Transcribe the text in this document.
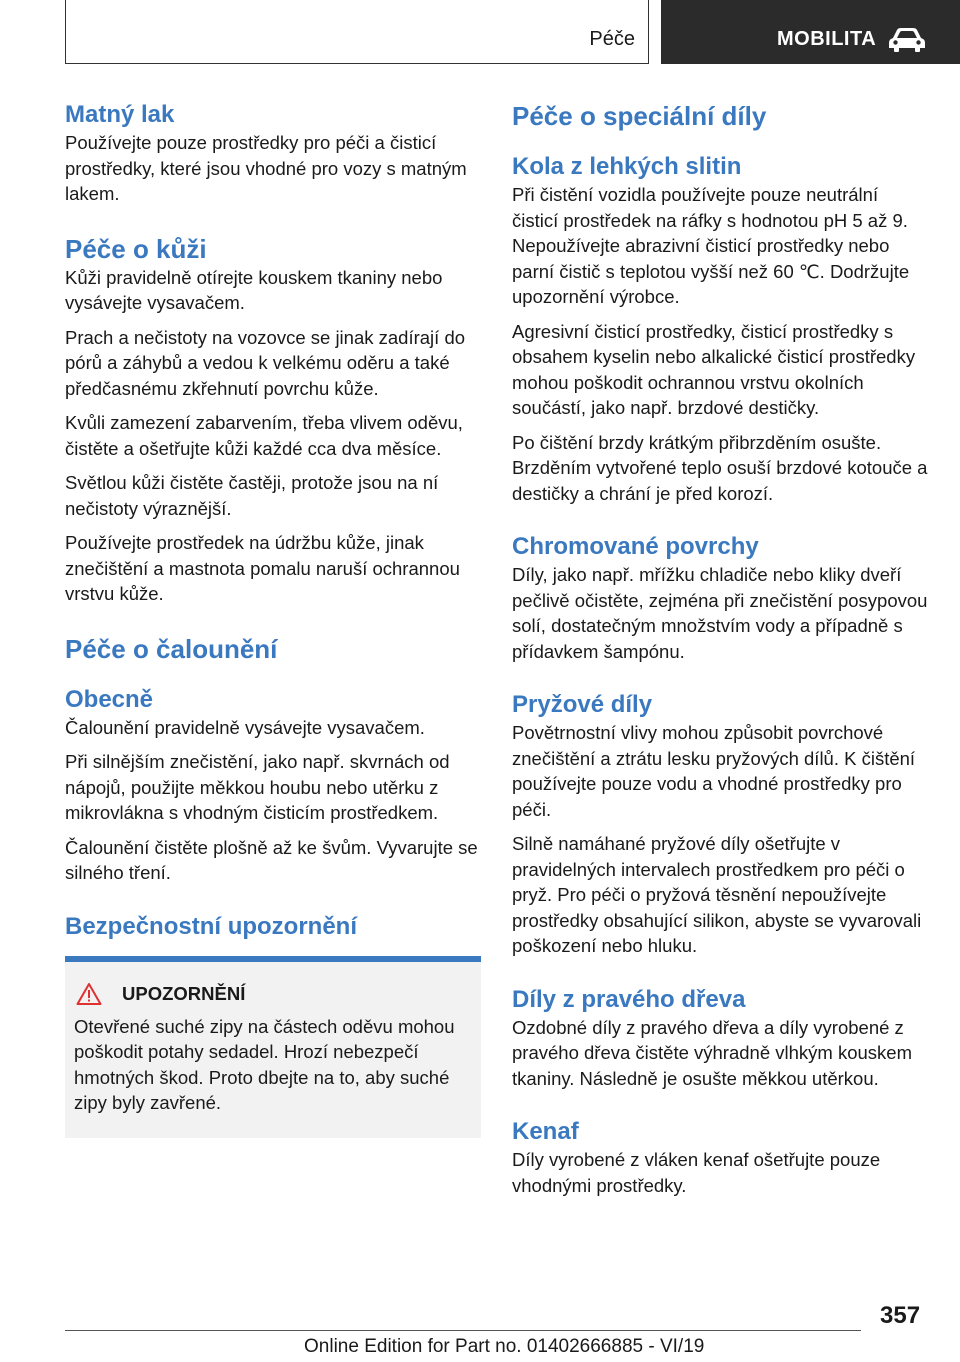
Péče	MOBILITA
Matný lak

Používejte pouze prostředky pro péči a čisticí prostředky, které jsou vhodné pro vozy s matným lakem.

Péče o kůži

Kůži pravidelně otírejte kouskem tkaniny nebo vysávejte vysavačem.

Prach a nečistoty na vozovce se jinak zadírají do pórů a záhybů a vedou k velkému oděru a také předčasnému zkřehnutí povrchu kůže.

Kvůli zamezení zabarvením, třeba vlivem oděvu, čistěte a ošetřujte kůži každé cca dva měsíce.

Světlou kůži čistěte častěji, protože jsou na ní nečistoty výraznější.

Používejte prostředek na údržbu kůže, jinak znečištění a mastnota pomalu naruší ochrannou vrstvu kůže.

Péče o čalounění
Obecně

Čalounění pravidelně vysávejte vysavačem.

Při silnějším znečistění, jako např. skvrnách od nápojů, použijte měkkou houbu nebo utěrku z mikrovlákna s vhodným čisticím prostředkem.

Čalounění čistěte plošně až ke švům. Vyvarujte se silného tření.

Bezpečnostní upozornění
UPOZORNĚNÍ

Otevřené suché zipy na částech oděvu mohou poškodit potahy sedadel. Hrozí nebezpečí hmotných škod. Proto dbejte na to, aby suché zipy byly zavřené.

Péče o speciální díly
Kola z lehkých slitin

Při čistění vozidla používejte pouze neutrální čisticí prostředek na ráfky s hodnotou pH 5 až 9. Nepoužívejte abrazivní čisticí prostředky nebo parní čistič s teplotou vyšší než 60 ℃. Dodržujte upozornění výrobce.

Agresivní čisticí prostředky, čisticí prostředky s obsahem kyselin nebo alkalické čisticí prostředky mohou poškodit ochrannou vrstvu okolních součástí, jako např. brzdové destičky.

Po čištění brzdy krátkým přibrzděním osušte. Brzděním vytvořené teplo osuší brzdové kotouče a destičky a chrání je před korozí.

Chromované povrchy

Díly, jako např. mřížku chladiče nebo kliky dveří pečlivě očistěte, zejména při znečistění posypovou solí, dostatečným množstvím vody a případně s přídavkem šampónu.

Pryžové díly

Povětrnostní vlivy mohou způsobit povrchové znečištění a ztrátu lesku pryžových dílů. K čištění používejte pouze vodu a vhodné prostředky pro péči.

Silně namáhané pryžové díly ošetřujte v pravidelných intervalech prostředkem pro péči o pryž. Pro péči o pryžová těsnění nepoužívejte prostředky obsahující silikon, abyste se vyvarovali poškození nebo hluku.

Díly z pravého dřeva

Ozdobné díly z pravého dřeva a díly vyrobené z pravého dřeva čistěte výhradně vlhkým kouskem tkaniny. Následně je osušte měkkou utěrkou.

Kenaf

Díly vyrobené z vláken kenaf ošetřujte pouze vhodnými prostředky.

357
Online Edition for Part no. 01402666885 - VI/19
